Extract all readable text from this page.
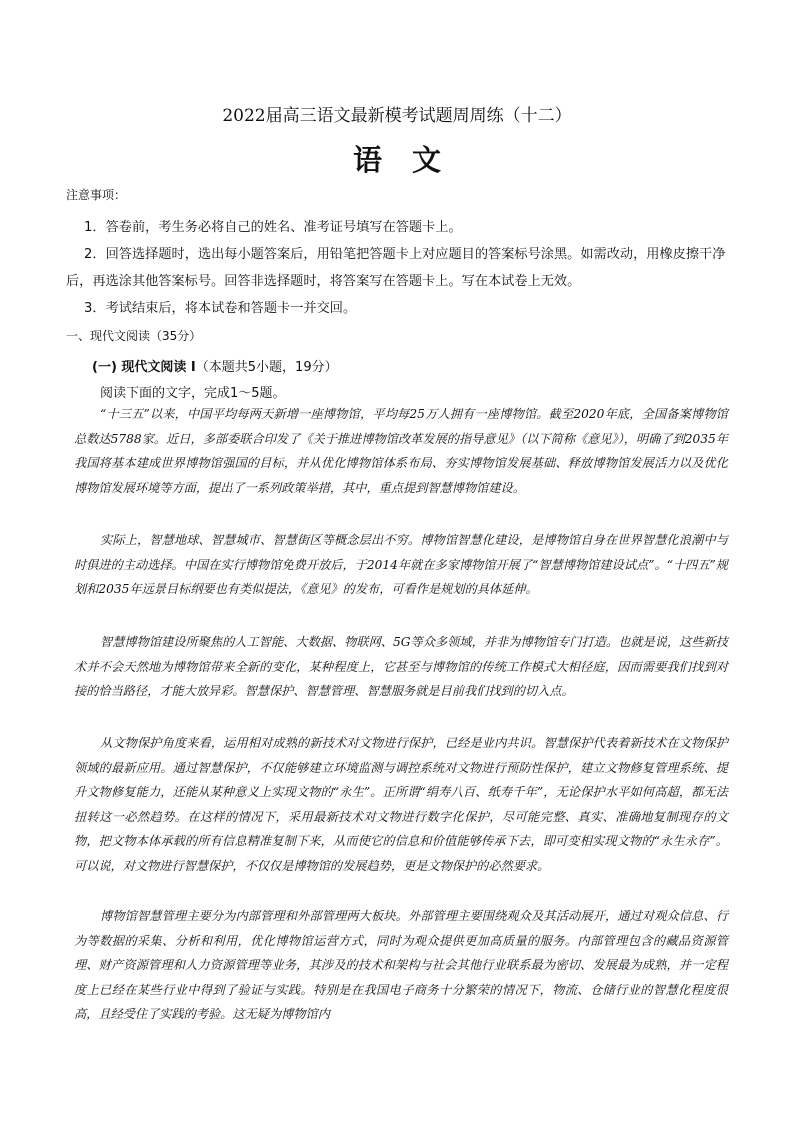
2022届高三语文最新模考试题周周练（十二）
语文
注意事项：
1．答卷前，考生务必将自己的姓名、准考证号填写在答题卡上。
2．回答选择题时，选出每小题答案后，用铅笔把答题卡上对应题目的答案标号涂黑。如需改动，用橡皮擦干净后，再选涂其他答案标号。回答非选择题时，将答案写在答题卡上。写在本试卷上无效。
3．考试结束后，将本试卷和答题卡一并交回。
一、现代文阅读（35分）
(一) 现代文阅读 I（本题共5小题，19分）
阅读下面的文字，完成1～5题。
“十三五”以来，中国平均每两天新增一座博物馆，平均每25万人拥有一座博物馆。截至2020年底，全国备案博物馆总数达5788家。近日，多部委联合印发了《关于推进博物馆改革发展的指导意见》（以下简称《意见》），明确了到2035年我国将基本建成世界博物馆强国的目标，并从优化博物馆体系布局、夯实博物馆发展基础、释放博物馆发展活力以及优化博物馆发展环境等方面，提出了一系列政策举措，其中，重点提到智慧博物馆建设。
实际上，智慧地球、智慧城市、智慧街区等概念层出不穷。博物馆智慧化建设，是博物馆自身在世界智慧化浪潮中与时俱进的主动选择。中国在实行博物馆免费开放后，于2014年就在多家博物馆开展了“智慧博物馆建设试点”。“十四五”规划和2035年远景目标纲要也有类似提法，《意见》的发布，可看作是规划的具体延伸。
智慧博物馆建设所聚焦的人工智能、大数据、物联网、5G等众多领域，并非为博物馆专门打造。也就是说，这些新技术并不会天然地为博物馆带来全新的变化，某种程度上，它甚至与博物馆的传统工作模式大相径庭，因而需要我们找到对接的恰当路径，才能大放异彩。智慧保护、智慧管理、智慧服务就是目前我们找到的切入点。
从文物保护角度来看，运用相对成熟的新技术对文物进行保护，已经是业内共识。智慧保护代表着新技术在文物保护领域的最新应用。通过智慧保护，不仅能够建立环境监测与调控系统对文物进行预防性保护，建立文物修复管理系统、提升文物修复能力，还能从某种意义上实现文物的“永生”。正所谓“绢寿八百、纸寿千年”，无论保护水平如何高超，都无法扭转这一必然趋势。在这样的情况下，采用最新技术对文物进行数字化保护，尽可能完整、真实、准确地复制现存的文物，把文物本体承载的所有信息精准复制下来，从而使它的信息和价值能够传承下去，即可变相实现文物的“永生永存”。可以说，对文物进行智慧保护，不仅仅是博物馆的发展趋势，更是文物保护的必然要求。
博物馆智慧管理主要分为内部管理和外部管理两大板块。外部管理主要围绕观众及其活动展开，通过对观众信息、行为等数据的采集、分析和利用，优化博物馆运营方式，同时为观众提供更加高质量的服务。内部管理包含的藏品资源管理、财产资源管理和人力资源管理等业务，其涉及的技术和架构与社会其他行业联系最为密切、发展最为成熟，并一定程度上已经在某些行业中得到了验证与实践。特别是在我国电子商务十分繁荣的情况下，物流、仓储行业的智慧化程度很高，且经受住了实践的考验。这无疑为博物馆内
